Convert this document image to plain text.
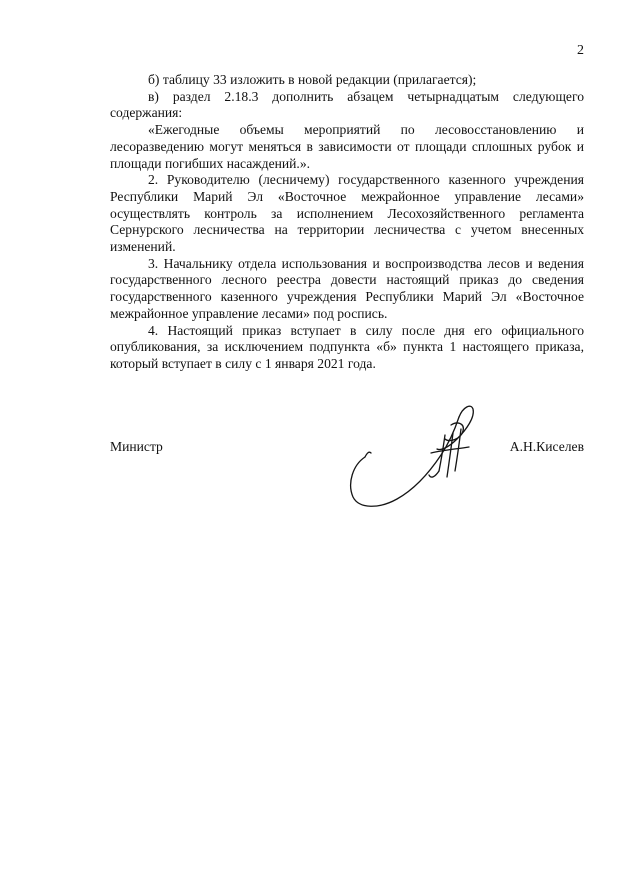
2

б) таблицу 33 изложить в новой редакции (прилагается);

в) раздел 2.18.3 дополнить абзацем четырнадцатым следующего содержания:

«Ежегодные объемы мероприятий по лесовосстановлению и лесоразведению могут меняться в зависимости от площади сплошных рубок и площади погибших насаждений.».

2. Руководителю (лесничему) государственного казенного учреждения Республики Марий Эл «Восточное межрайонное управление лесами» осуществлять контроль за исполнением Лесохозяйственного регламента Сернурского лесничества на территории лесничества с учетом внесенных изменений.

3. Начальнику отдела использования и воспроизводства лесов и ведения государственного лесного реестра довести настоящий приказ до сведения государственного казенного учреждения Республики Марий Эл «Восточное межрайонное управление лесами» под роспись.

4. Настоящий приказ вступает в силу после дня его официального опубликования, за исключением подпункта «б» пункта 1 настоящего приказа, который вступает в силу с 1 января 2021 года.

Министр	А.Н.Киселев
